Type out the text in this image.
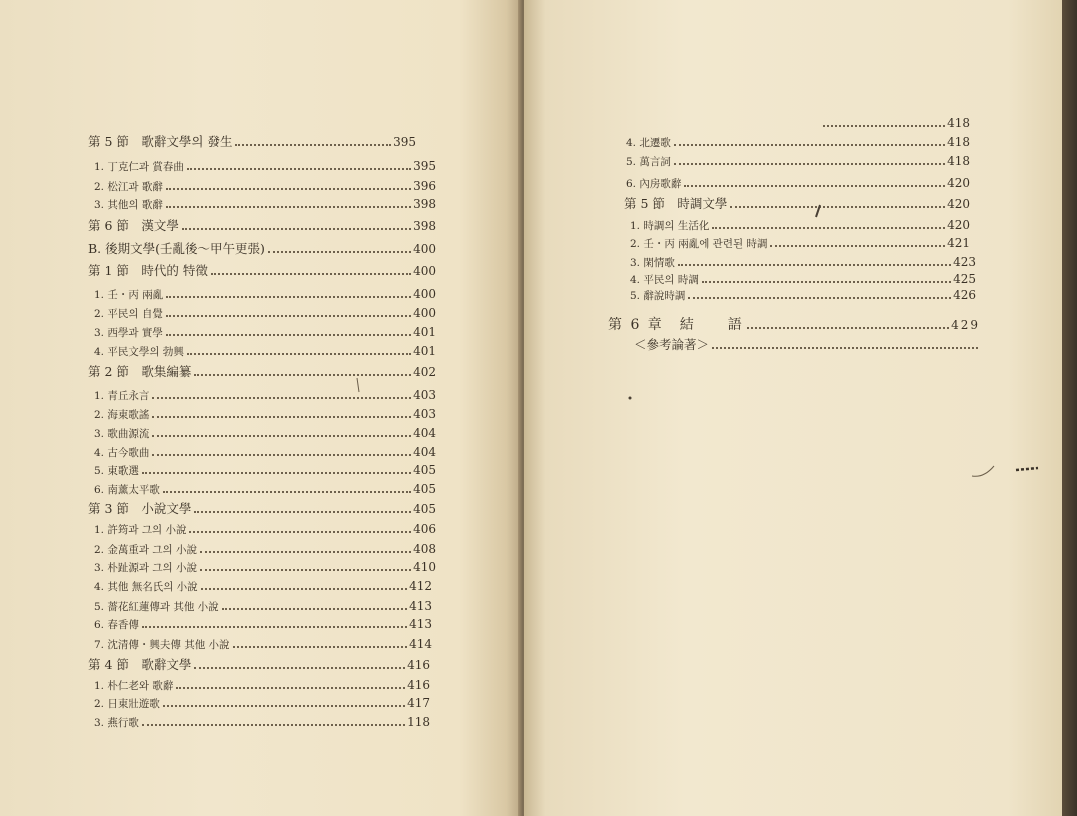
第 5 節　歌辭文學의 發生	395
1. 丁克仁과 賞春曲	395
2. 松江과 歌辭	396
3. 其他의 歌辭	398
第 6 節　漢文學	398
B. 後期文學(壬亂後～甲午更張)	400
第 1 節　時代的 特徵	400
1. 壬・丙 兩亂	400
2. 平民의 自覺	400
3. 西學과 實學	401
4. 平民文學의 勃興	401
第 2 節　歌集編纂	402
1. 青丘永言	403
2. 海東歌謠	403
3. 歌曲源流	404
4. 古今歌曲	404
5. 東歌選	405
6. 南薰太平歌	405
第 3 節　小說文學	405
1. 許筠과 그의 小說	406
2. 金萬重과 그의 小說	408
3. 朴趾源과 그의 小說	410
4. 其他 無名氏의 小說	412
5. 薔花紅蓮傳과 其他 小說	413
6. 春香傳	413
7. 沈清傳・興夫傳 其他 小說	414
第 4 節　歌辭文學	416
1. 朴仁老와 歌辭	416
2. 日東壯遊歌	417
3. 燕行歌	118
418
4. 北遷歌	418
5. 萬言詞	418
6. 內房歌辭	420
第 5 節　時調文學	420
1. 時調의 生活化	420
2. 壬・丙 兩亂에 관련된 時調	421
3. 閑情歌	423
4. 平民의 時調	425
5. 辭說時調	426
第 6 章　結　　語	429
＜參考論著＞
